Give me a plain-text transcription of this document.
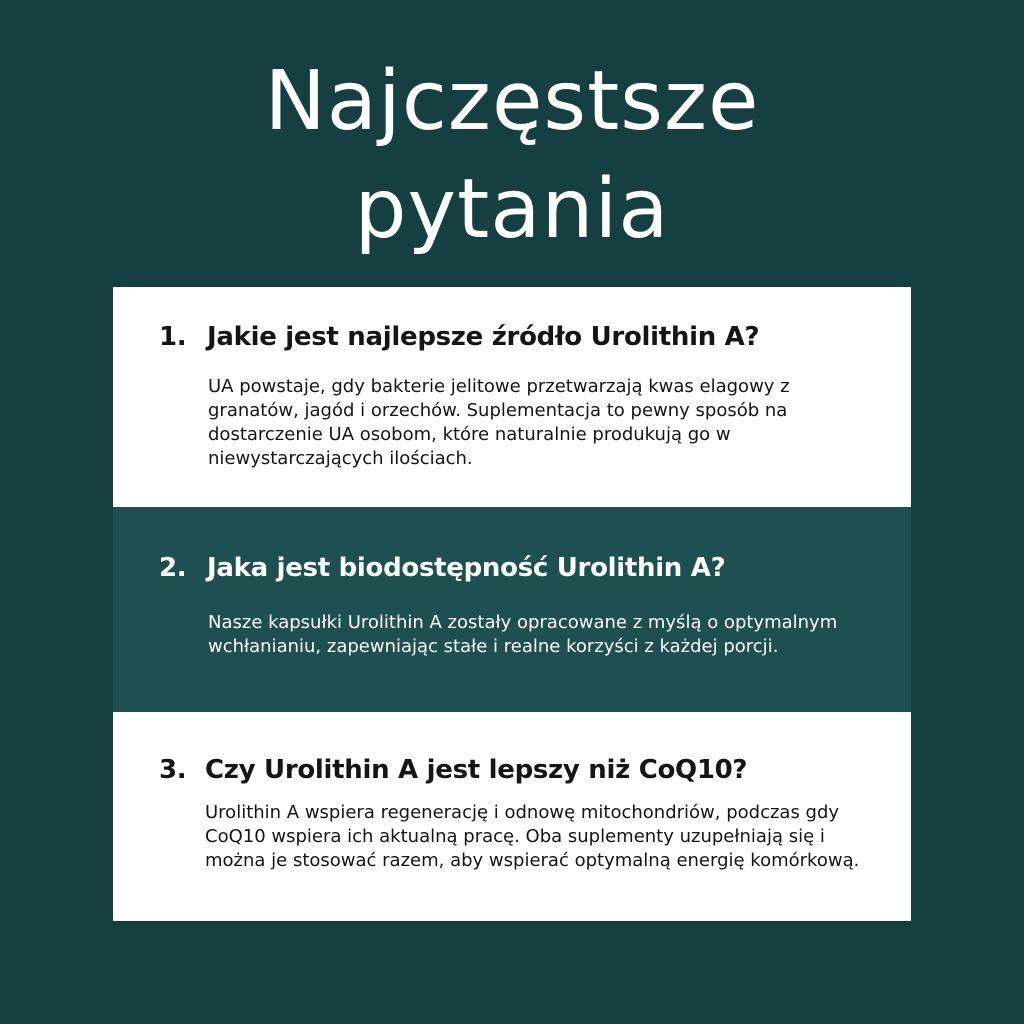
Najczęstsze
pytania
1. Jakie jest najlepsze źródło Urolithin A?
UA powstaje, gdy bakterie jelitowe przetwarzają kwas elagowy z granatów, jagód i orzechów. Suplementacja to pewny sposób na dostarczenie UA osobom, które naturalnie produkują go w niewystarczających ilościach.
2. Jaka jest biodostępność Urolithin A?
Nasze kapsułki Urolithin A zostały opracowane z myślą o optymalnym wchłanianiu, zapewniając stałe i realne korzyści z każdej porcji.
3. Czy Urolithin A jest lepszy niż CoQ10?
Urolithin A wspiera regenerację i odnowę mitochondriów, podczas gdy CoQ10 wspiera ich aktualną pracę. Oba suplementy uzupełniają się i można je stosować razem, aby wspierać optymalną energię komórkową.
